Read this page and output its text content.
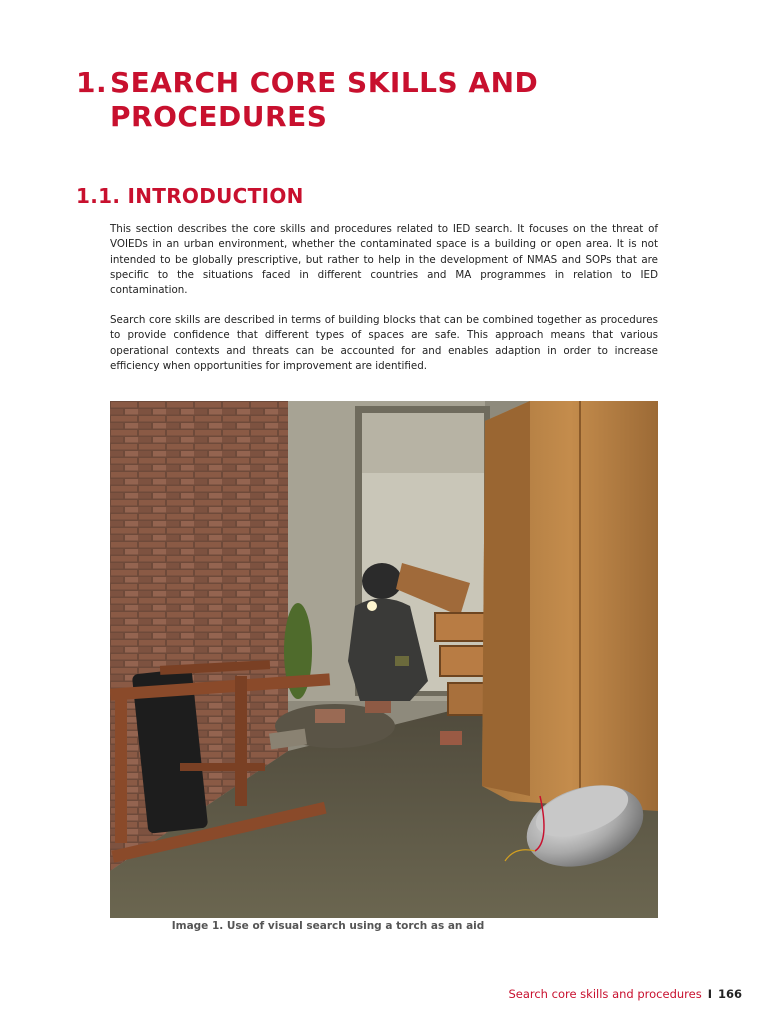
1. SEARCH CORE SKILLS AND
PROCEDURES
1.1. INTRODUCTION

This section describes the core skills and procedures related to IED search. It focuses on the threat of VOIEDs in an urban environment, whether the contaminated space is a building or open area. It is not intended to be globally prescriptive, but rather to help in the development of NMAS and SOPs that are specific to the situations faced in different countries and MA programmes in relation to IED contamination.

Search core skills are described in terms of building blocks that can be combined together as procedures to provide confidence that different types of spaces are safe. This approach means that various operational contexts and threats can be accounted for and enables adaption in order to increase efficiency when opportunities for improvement are identified.

Image 1. Use of visual search using a torch as an aid

Search core skills and procedures I 166
